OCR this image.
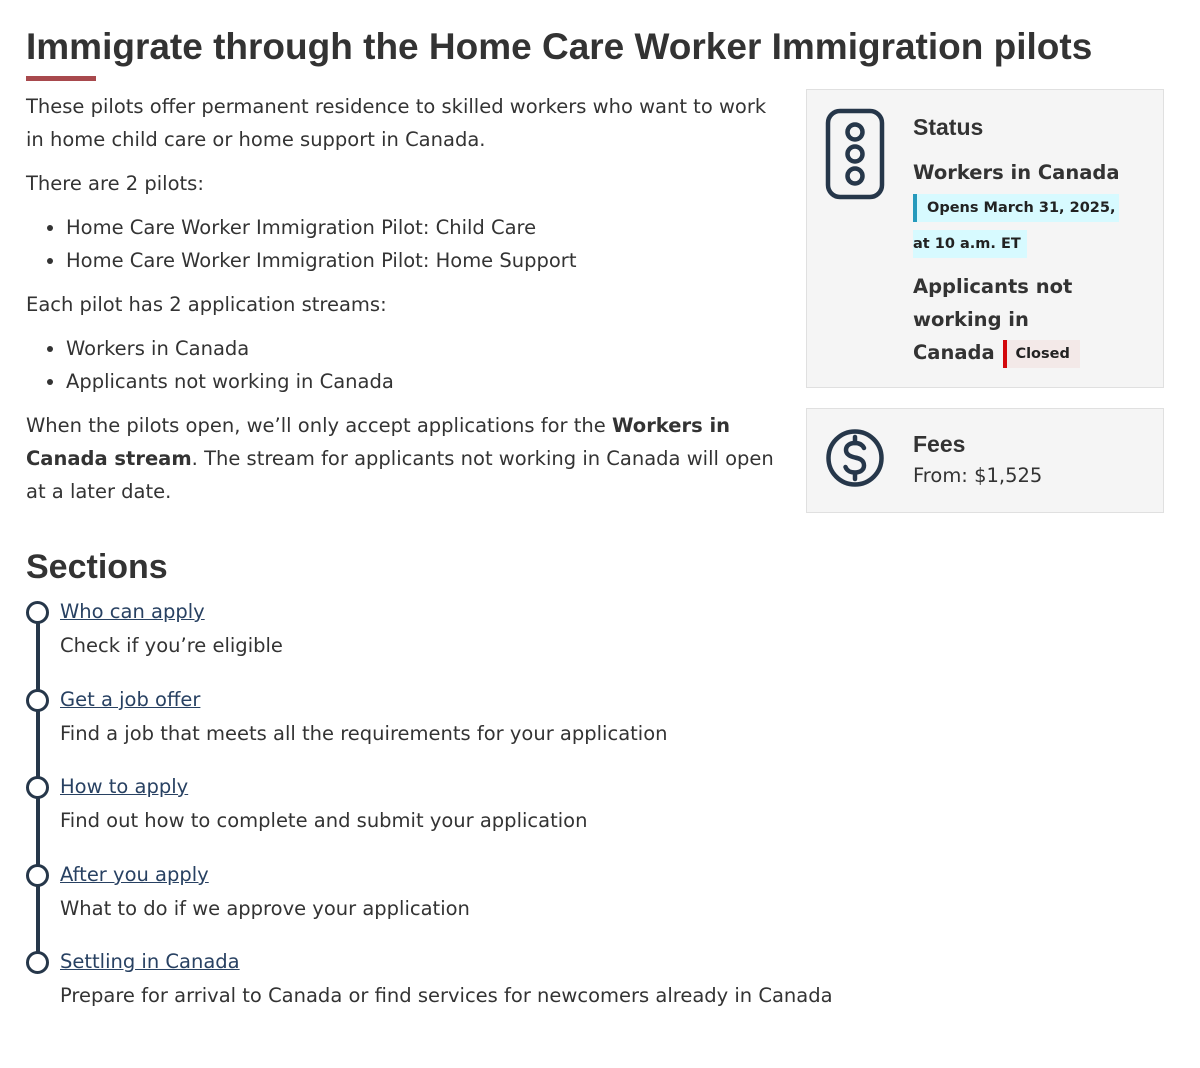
Immigrate through the Home Care Worker Immigration pilots

These pilots offer permanent residence to skilled workers who want to work in home child care or home support in Canada.

There are 2 pilots:

• Home Care Worker Immigration Pilot: Child Care
• Home Care Worker Immigration Pilot: Home Support

Each pilot has 2 application streams:

• Workers in Canada
• Applicants not working in Canada

When the pilots open, we’ll only accept applications for the Workers in Canada stream. The stream for applicants not working in Canada will open at a later date.

Status

Workers in Canada

Opens March 31, 2025,
at 10 a.m. ET

Applicants not working in Canada Closed

Fees

From: $1,525

Sections
Who can apply
Check if you’re eligible
Get a job offer
Find a job that meets all the requirements for your application
How to apply
Find out how to complete and submit your application
After you apply
What to do if we approve your application
Settling in Canada
Prepare for arrival to Canada or find services for newcomers already in Canada
